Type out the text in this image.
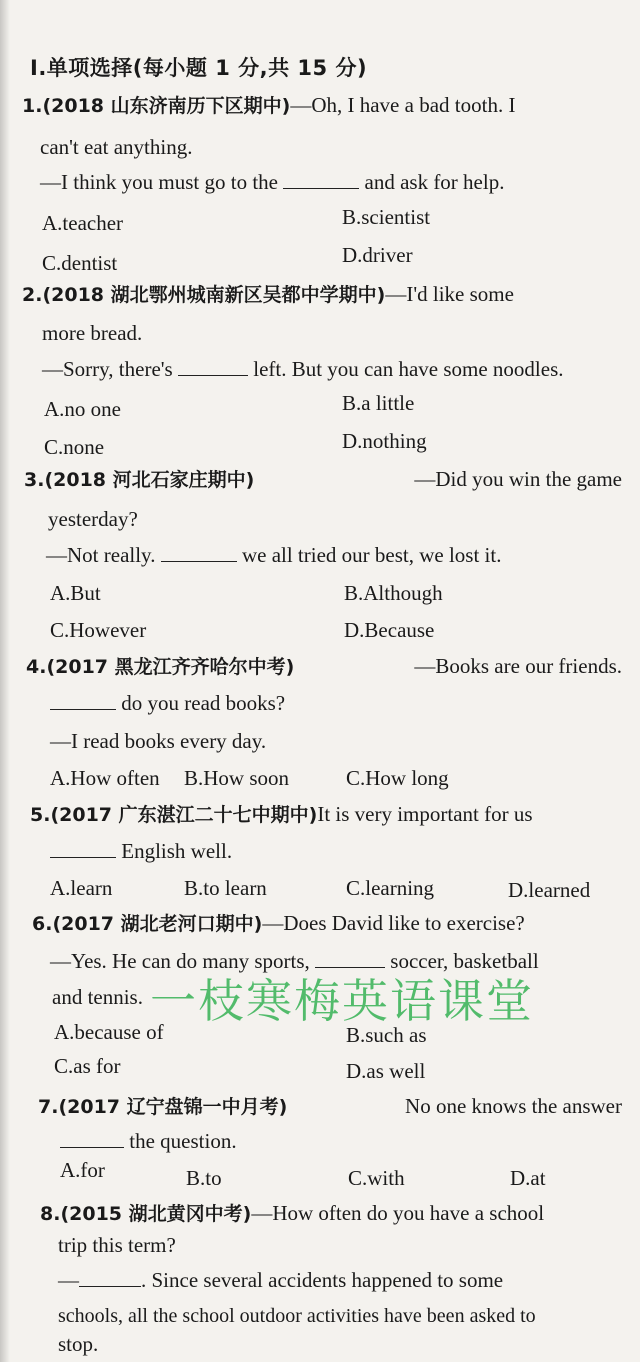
Ⅰ.单项选择(每小题 1 分,共 15 分)
1.(2018 山东济南历下区期中)—Oh, I have a bad tooth. I
can't eat anything.
—I think you must go to the	and ask for help.
A.teacher	B.scientist
C.dentist	D.driver
2.(2018 湖北鄂州城南新区吴都中学期中)—I'd like some
more bread.
—Sorry, there's	left. But you can have some noodles.
A.no one	B.a little
C.none	D.nothing
3.(2018 河北石家庄期中)	—Did you win the game
yesterday?
—Not really.	we all tried our best, we lost it.
A.But	B.Although
C.However	D.Because
4.(2017 黑龙江齐齐哈尔中考)	—Books are our friends.
do you read books?
—I read books every day.
A.How often B.How soon	C.How long
5.(2017 广东湛江二十七中期中)It is very important for us
English well.
A.learn	B.to learn	C.learning	D.learned
6.(2017 湖北老河口期中)—Does David like to exercise?
—Yes. He can do many sports,	soccer, basketball
and tennis.
A.because of	B.such as
C.as for	D.as well
7.(2017 辽宁盘锦一中月考)	No one knows the answer
the question.
A.for	B.to	C.with	D.at
8.(2015 湖北黄冈中考)—How often do you have a school
trip this term?
—	. Since several accidents happened to some
schools, all the school outdoor activities have been asked to
stop.
一枝寒梅英语课堂
